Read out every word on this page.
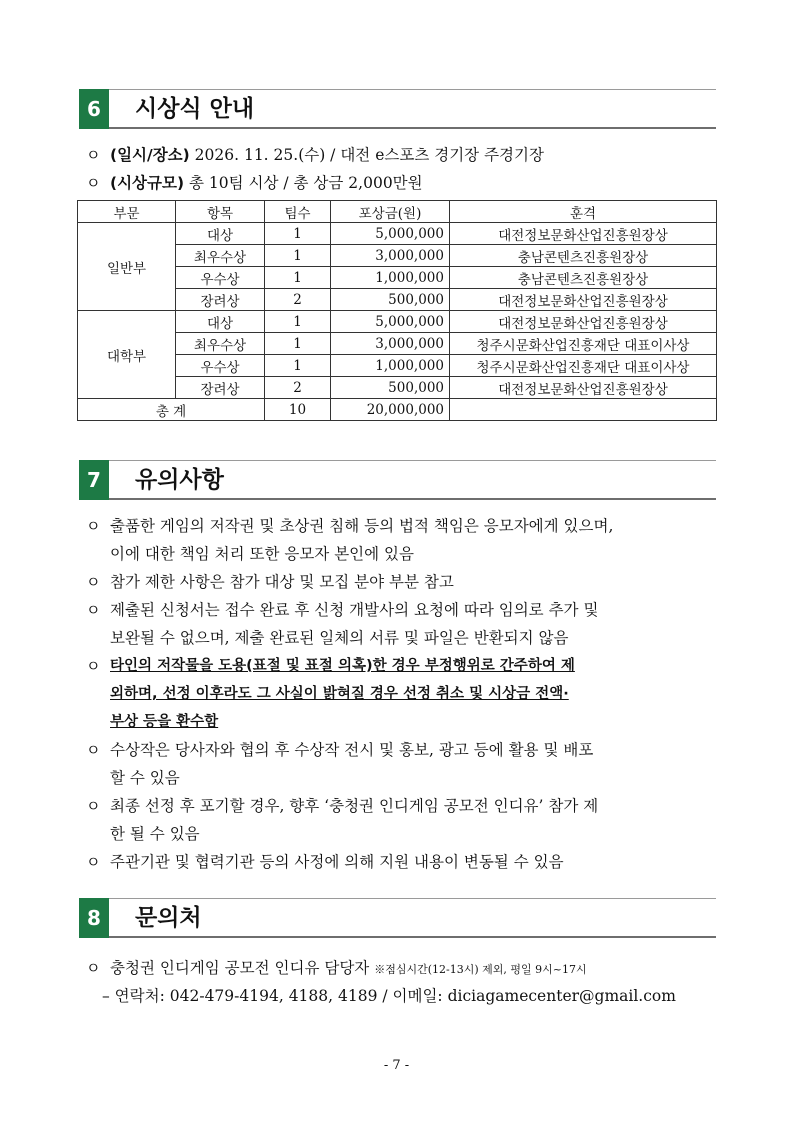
6	시상식 안내
ㅇ (일시/장소) 2026. 11. 25.(수) / 대전 e스포츠 경기장 주경기장
ㅇ (시상규모) 총 10팀 시상 / 총 상금 2,000만원
부문	항목	팀수	포상금(원)	훈격
일반부	대상	1	5,000,000	대전정보문화산업진흥원장상
	최우수상	1	3,000,000	충남콘텐츠진흥원장상
	우수상	1	1,000,000	충남콘텐츠진흥원장상
	장려상	2	500,000	대전정보문화산업진흥원장상
대학부	대상	1	5,000,000	대전정보문화산업진흥원장상
	최우수상	1	3,000,000	청주시문화산업진흥재단 대표이사상
	우수상	1	1,000,000	청주시문화산업진흥재단 대표이사상
	장려상	2	500,000	대전정보문화산업진흥원장상
총 계		10	20,000,000	
7	유의사항
ㅇ 출품한 게임의 저작권 및 초상권 침해 등의 법적 책임은 응모자에게 있으며,
이에 대한 책임 처리 또한 응모자 본인에 있음
ㅇ 참가 제한 사항은 참가 대상 및 모집 분야 부분 참고
ㅇ 제출된 신청서는 접수 완료 후 신청 개발사의 요청에 따라 임의로 추가 및
보완될 수 없으며, 제출 완료된 일체의 서류 및 파일은 반환되지 않음
ㅇ 타인의 저작물을 도용(표절 및 표절 의혹)한 경우 부정행위로 간주하여 제
외하며, 선정 이후라도 그 사실이 밝혀질 경우 선정 취소 및 시상금 전액·
부상 등을 환수함
ㅇ 수상작은 당사자와 협의 후 수상작 전시 및 홍보, 광고 등에 활용 및 배포
할 수 있음
ㅇ 최종 선정 후 포기할 경우, 향후 ‘충청권 인디게임 공모전 인디유’ 참가 제
한 될 수 있음
ㅇ 주관기관 및 협력기관 등의 사정에 의해 지원 내용이 변동될 수 있음
8	문의처
ㅇ 충청권 인디게임 공모전 인디유 담당자 ※점심시간(12-13시) 제외, 평일 9시~17시
– 연락처: 042-479-4194, 4188, 4189 / 이메일: diciagamecenter@gmail.com
- 7 -
